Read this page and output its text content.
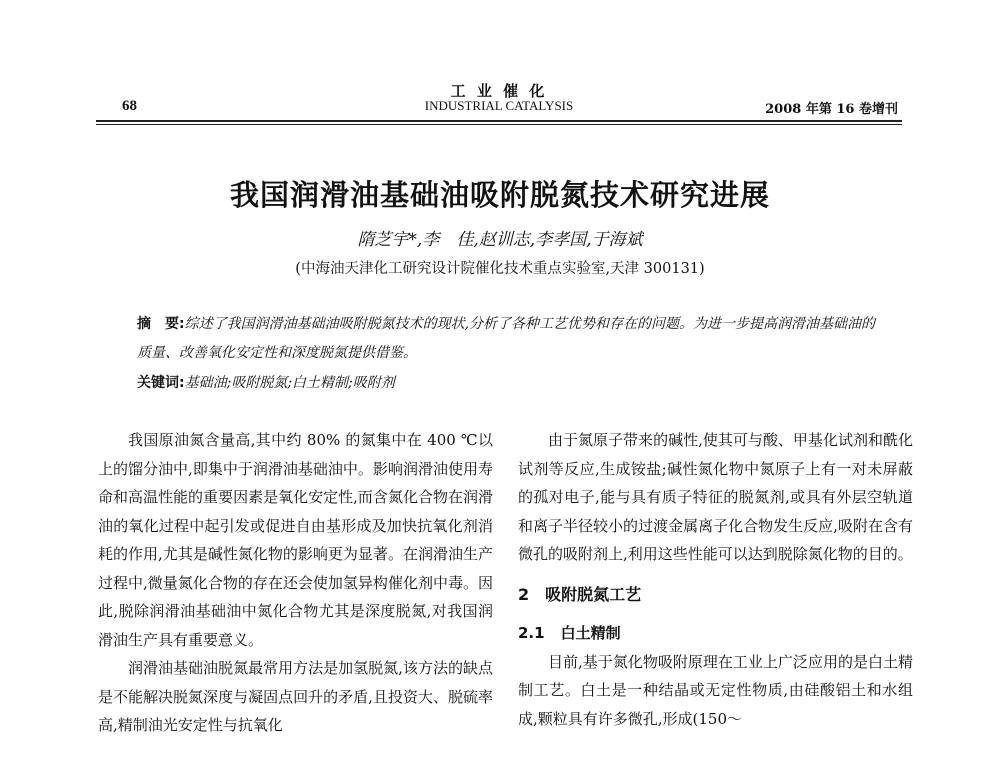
68
工 业 催 化
INDUSTRIAL CATALYSIS	2008 年第 16 卷增刊
我国润滑油基础油吸附脱氮技术研究进展
隋芝宇*,李　佳,赵训志,李孝国,于海斌
(中海油天津化工研究设计院催化技术重点实验室,天津 300131)
摘　要:综述了我国润滑油基础油吸附脱氮技术的现状,分析了各种工艺优势和存在的问题。为进一步提高润滑油基础油的质量、改善氧化安定性和深度脱氮提供借鉴。
关键词:基础油;吸附脱氮;白土精制;吸附剂

我国原油氮含量高,其中约 80% 的氮集中在 400 ℃以上的馏分油中,即集中于润滑油基础油中。影响润滑油使用寿命和高温性能的重要因素是氧化安定性,而含氮化合物在润滑油的氧化过程中起引发或促进自由基形成及加快抗氧化剂消耗的作用,尤其是碱性氮化物的影响更为显著。在润滑油生产过程中,微量氮化合物的存在还会使加氢异构催化剂中毒。因此,脱除润滑油基础油中氮化合物尤其是深度脱氮,对我国润滑油生产具有重要意义。

润滑油基础油脱氮最常用方法是加氢脱氮,该方法的缺点是不能解决脱氮深度与凝固点回升的矛盾,且投资大、脱硫率高,精制油光安定性与抗氧化

由于氮原子带来的碱性,使其可与酸、甲基化试剂和酰化试剂等反应,生成铵盐;碱性氮化物中氮原子上有一对未屏蔽的孤对电子,能与具有质子特征的脱氮剂,或具有外层空轨道和离子半径较小的过渡金属离子化合物发生反应,吸附在含有微孔的吸附剂上,利用这些性能可以达到脱除氮化物的目的。

2 吸附脱氮工艺
2.1 白土精制

目前,基于氮化物吸附原理在工业上广泛应用的是白土精制工艺。白土是一种结晶或无定性物质,由硅酸铝土和水组成,颗粒具有许多微孔,形成(150～
